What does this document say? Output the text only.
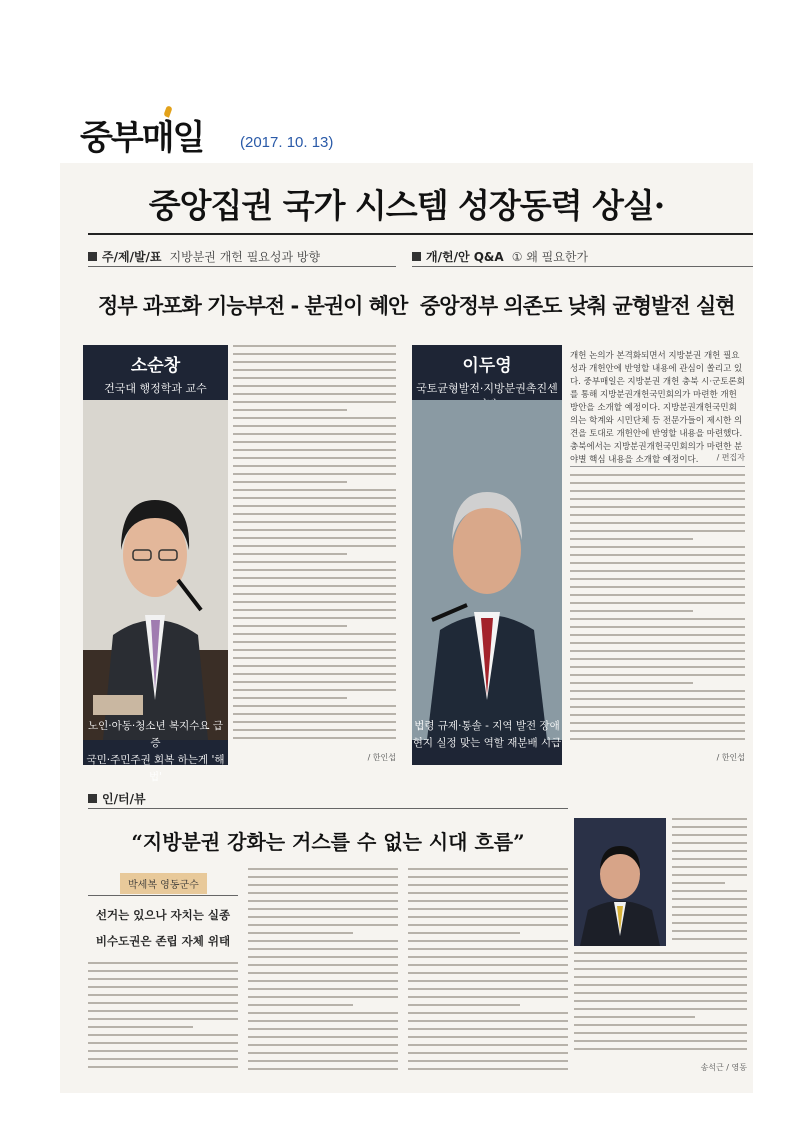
중부매일 (2017. 10. 13)
중앙집권 국가 시스템 성장동력 상실·
주/제/발/표 지방분권 개헌 필요성과 방향	개/헌/안 Q&A ① 왜 필요한가
정부 과포화 기능부전 - 분권이 혜안 중앙정부 의존도 낮춰 균형발전 실현
소순창
건국대 행정학과 교수
노인·아동·청소년 복지수요 급증
국민·주민주권 회복 하는게 '해법'
/ 한인섭
이두영
국토균형발전·지방분권촉진센
법령 규제·통솔 - 지역 발전 장애
현지 실정 맞는 역할 재분배 시급
개헌 논의가 본격화되면서 지방분권 개헌 필요성과 개헌안에 반영할 내용에 관심이 쏠리고 있다. 중부매일은 지방분권 개헌 충북 시·군토론회를 통해 지방분권개헌국민회의가 마련한 개헌 방안을 소개할 예정이다. 지방분권개헌국민회의는 학계와 시민단체 등 전문가들이 제시한 의견을 토대로 개헌안에 반영할 내용을 마련했다. 충북에서는 지방분권개헌국민회의가 마련한 분야별 핵심 내용을 소개할 예정이다.	/ 편집자
/ 한인섭
인/터/뷰
“지방분권 강화는 거스를 수 없는 시대 흐름”
박세복 영동군수
선거는 있으나 자치는 실종
비수도권은 존립 자체 위태
송석근 / 영동
